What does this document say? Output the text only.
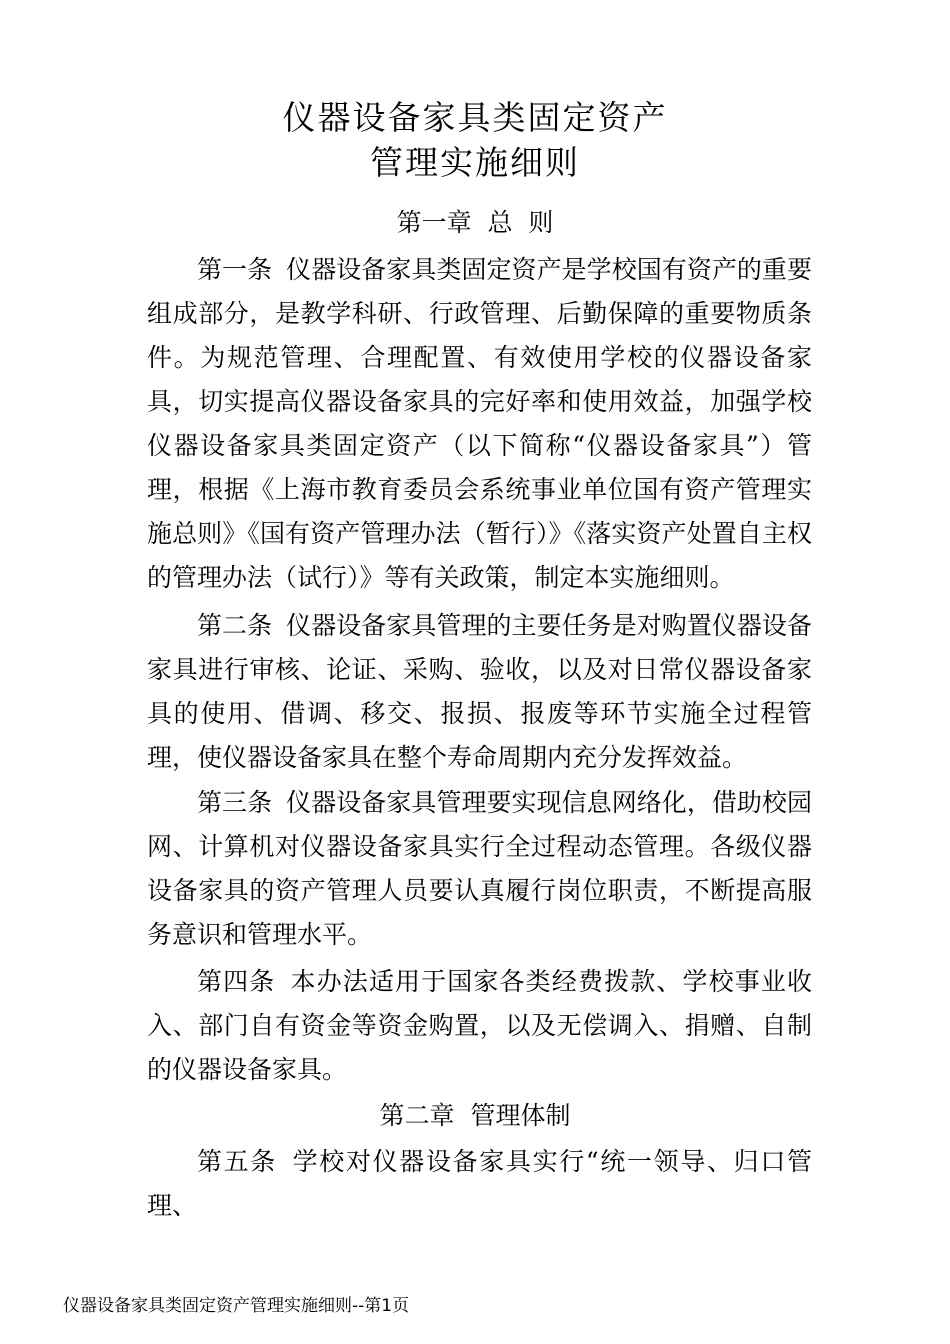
仪器设备家具类固定资产
管理实施细则
第一章  总  则
第一条 仪器设备家具类固定资产是学校国有资产的重要组成部分，是教学科研、行政管理、后勤保障的重要物质条件。为规范管理、合理配置、有效使用学校的仪器设备家具，切实提高仪器设备家具的完好率和使用效益，加强学校仪器设备家具类固定资产（以下简称“仪器设备家具”）管理，根据《上海市教育委员会系统事业单位国有资产管理实施总则》《国有资产管理办法（暂行）》《落实资产处置自主权的管理办法（试行）》等有关政策，制定本实施细则。
第二条 仪器设备家具管理的主要任务是对购置仪器设备家具进行审核、论证、采购、验收，以及对日常仪器设备家具的使用、借调、移交、报损、报废等环节实施全过程管理，使仪器设备家具在整个寿命周期内充分发挥效益。
第三条 仪器设备家具管理要实现信息网络化，借助校园网、计算机对仪器设备家具实行全过程动态管理。各级仪器设备家具的资产管理人员要认真履行岗位职责，不断提高服务意识和管理水平。
第四条 本办法适用于国家各类经费拨款、学校事业收入、部门自有资金等资金购置，以及无偿调入、捐赠、自制的仪器设备家具。
第二章  管理体制
第五条 学校对仪器设备家具实行“统一领导、归口管理、
仪器设备家具类固定资产管理实施细则--第1页
